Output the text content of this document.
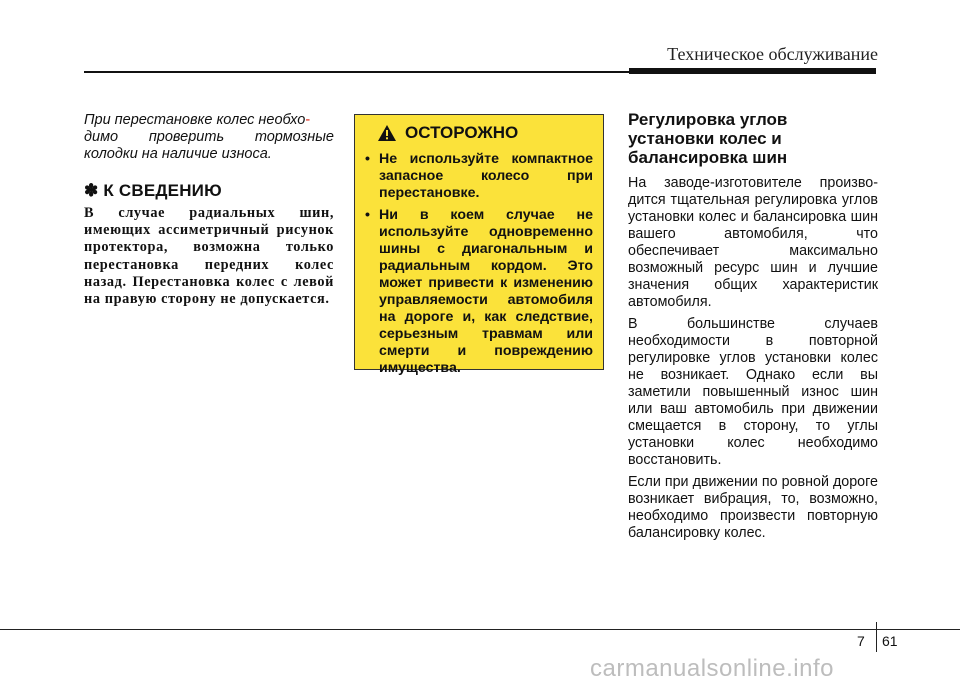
Техническое обслуживание

При перестановке колес необхо-
димо проверить тормозные колодки на наличие износа.

✽ К СВЕДЕНИЮ

В случае радиальных шин, имеющих ассиметричный рисунок протектора, возможна только перестановка передних колес назад. Перестановка колес с левой на правую сторону не допускается.

ОСТОРОЖНО
• Не используйте компактное запасное колесо при перестановке.
• Ни в коем случае не используйте одновременно шины с диагональным и радиальным кордом. Это может привести к изменению управляемости автомобиля на дороге и, как следствие, серьезным травмам или смерти и повреждению имущества.
Регулировка углов установки колес и балансировка шин

На заводе-изготовителе произво-дится тщательная регулировка углов установки колес и балансировка шин вашего автомобиля, что обеспечивает максимально возможный ресурс шин и лучшие значения общих характеристик автомобиля.

В большинстве случаев необходимости в повторной регулировке углов установки колес не возникает. Однако если вы заметили повышенный износ шин или ваш автомобиль при движении смещается в сторону, то углы установки колес необходимо восстановить.

Если при движении по ровной дороге возникает вибрация, то, возможно, необходимо произвести повторную балансировку колес.

7 61
carmanualsonline.info
